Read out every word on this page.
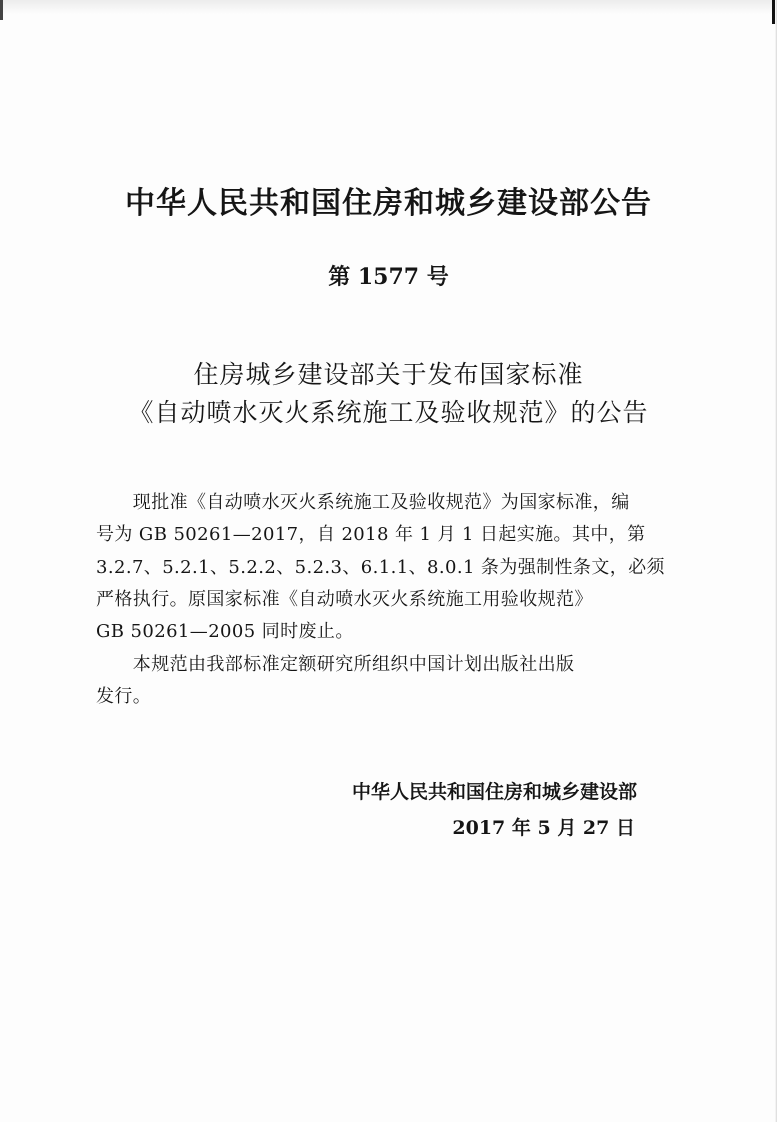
中华人民共和国住房和城乡建设部公告
第 1577 号
住房城乡建设部关于发布国家标准
《自动喷水灭火系统施工及验收规范》的公告
　　现批准《自动喷水灭火系统施工及验收规范》为国家标准，编
号为 GB 50261—2017，自 2018 年 1 月 1 日起实施。其中，第
3.2.7、5.2.1、5.2.2、5.2.3、6.1.1、8.0.1 条为强制性条文，必须
严格执行。原国家标准《自动喷水灭火系统施工用验收规范》
GB 50261—2005 同时废止。
　　本规范由我部标准定额研究所组织中国计划出版社出版
发行。
中华人民共和国住房和城乡建设部
2017 年 5 月 27 日
